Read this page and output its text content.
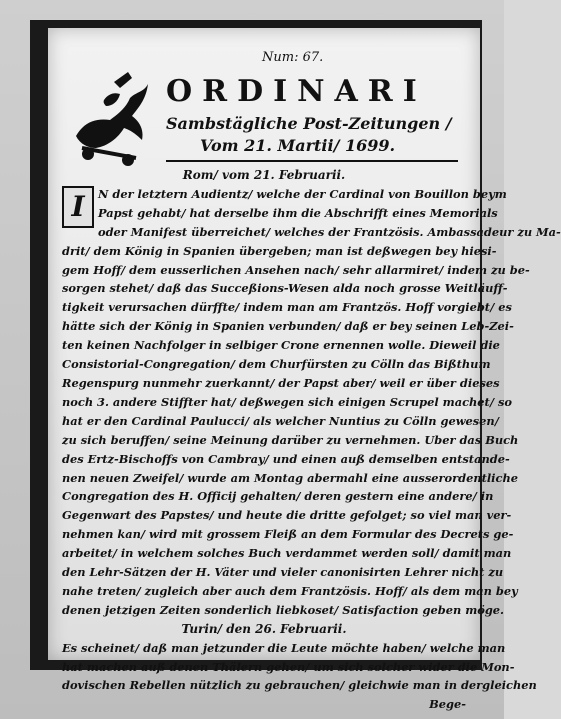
Num: 67.
ORDINARI
Sambstägliche Post-Zeitungen /
Vom 21. Martii/ 1699.

Rom/ vom 21. Februarii.

I	N der letztern Audientz/ welche der Cardinal von Bouillon beym
Papst gehabt/ hat derselbe ihm die Abschrifft eines Memorials
oder Manifest überreichet/ welches der Frantzösis. Ambassadeur zu Ma-
drit/ dem König in Spanien übergeben; man ist deßwegen bey hiesi-
gem Hoff/ dem eusserlichen Ansehen nach/ sehr allarmiret/ indem zu be-
sorgen stehet/ daß das Succeßions-Wesen alda noch grosse Weitläuff-
tigkeit verursachen dürffte/ indem man am Frantzös. Hoff vorgiebt/ es
hätte sich der König in Spanien verbunden/ daß er bey seinen Leb-Zei-
ten keinen Nachfolger in selbiger Crone ernennen wolle. Dieweil die
Consistorial-Congregation/ dem Churfürsten zu Cölln das Bißthum
Regenspurg nunmehr zuerkannt/ der Papst aber/ weil er über dieses
noch 3. andere Stiffter hat/ deßwegen sich einigen Scrupel machet/ so
hat er den Cardinal Paulucci/ als welcher Nuntius zu Cölln gewesen/
zu sich beruffen/ seine Meinung darüber zu vernehmen. Uber das Buch
des Ertz-Bischoffs von Cambray/ und einen auß demselben entstande-
nen neuen Zweifel/ wurde am Montag abermahl eine ausserordentliche
Congregation des H. Officij gehalten/ deren gestern eine andere/ in
Gegenwart des Papstes/ und heute die dritte gefolget; so viel man ver-
nehmen kan/ wird mit grossem Fleiß an dem Formular des Decrets ge-
arbeitet/ in welchem solches Buch verdammet werden soll/ damit man
den Lehr-Sätzen der H. Väter und vieler canonisirten Lehrer nicht zu
nahe treten/ zugleich aber auch dem Frantzösis. Hoff/ als dem man bey
denen jetzigen Zeiten sonderlich liebkoset/ Satisfaction geben möge.

Turin/ den 26. Februarii.

Es scheinet/ daß man jetzunder die Leute möchte haben/ welche man
hat machen auß denen Thälern gehen/ um sich solcher wider die Mon-
dovischen Rebellen nützlich zu gebrauchen/ gleichwie man in dergleichen
Bege-
